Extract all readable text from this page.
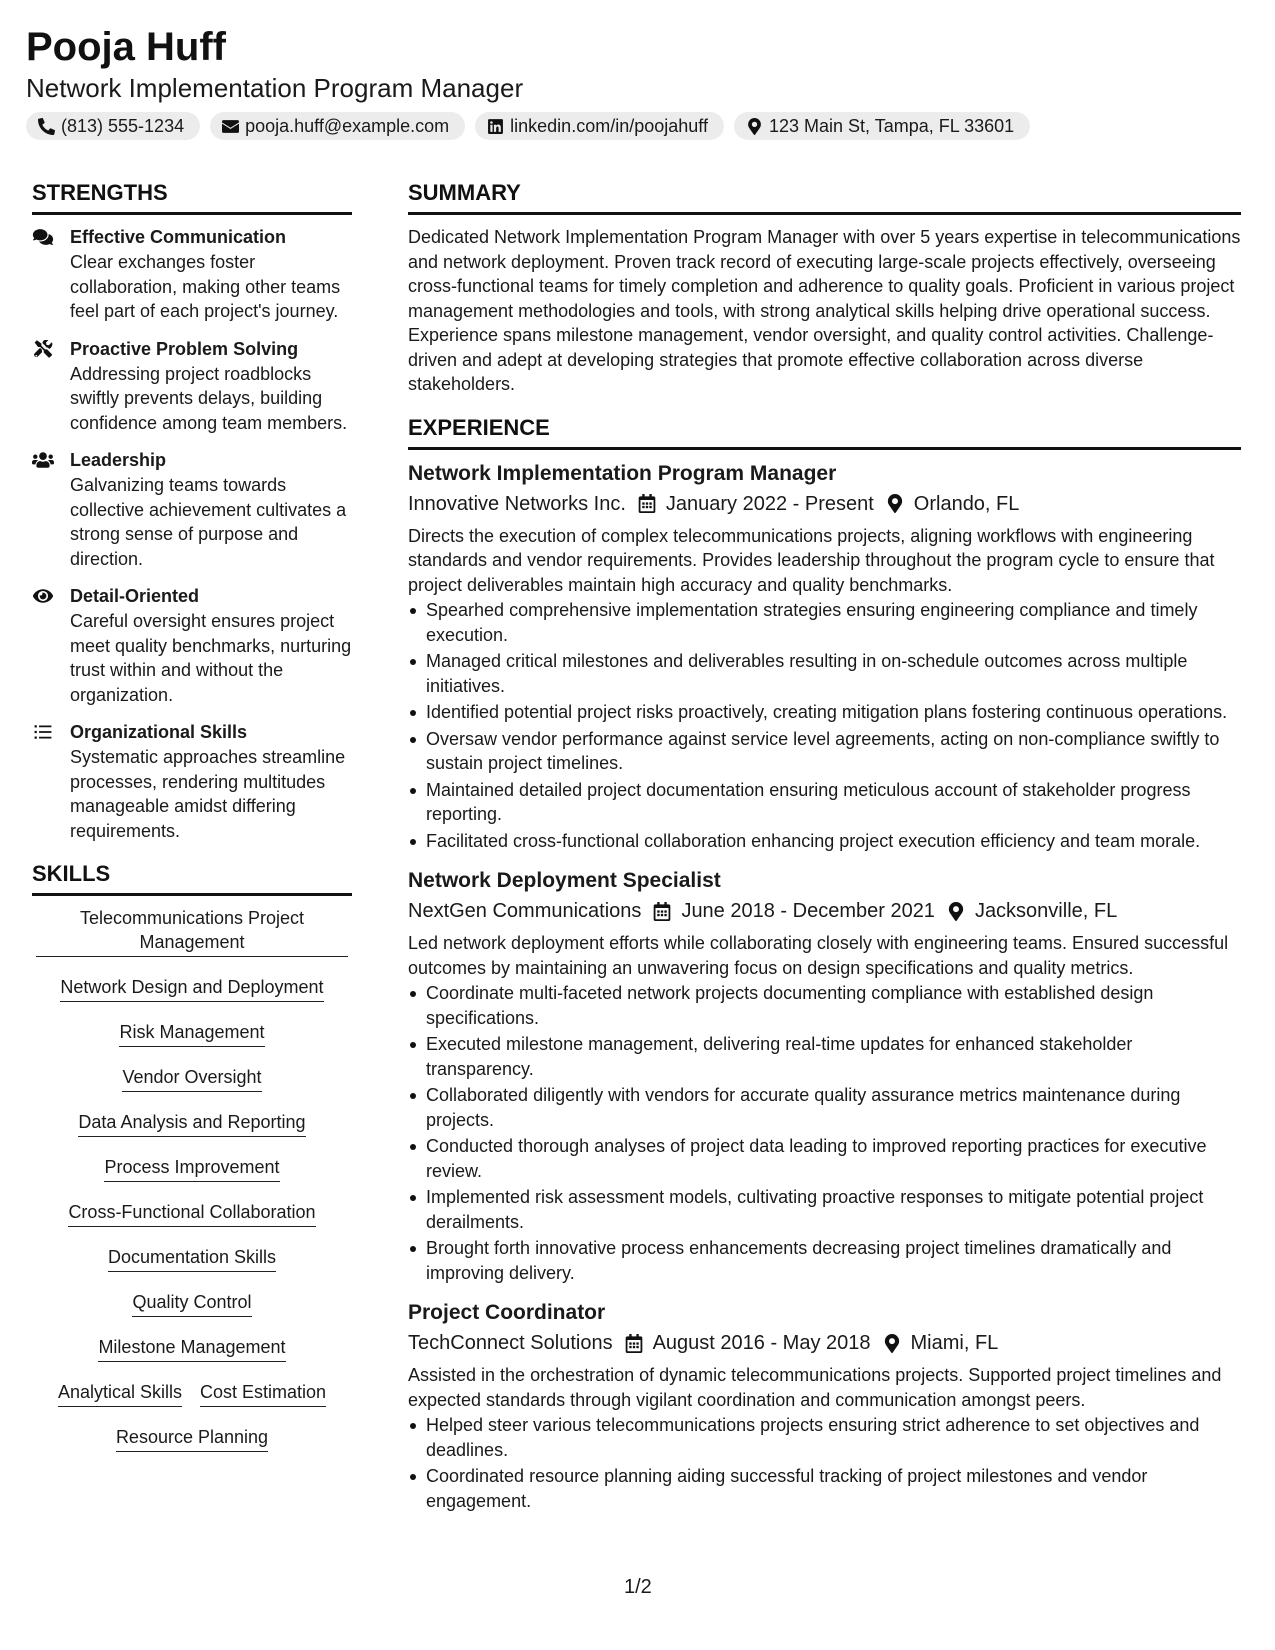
Pooja Huff
Network Implementation Program Manager
(813) 555-1234	pooja.huff@example.com	linkedin.com/in/poojahuff	123 Main St, Tampa, FL 33601
STRENGTHS
Effective Communication
Clear exchanges foster collaboration, making other teams feel part of each project's journey.
Proactive Problem Solving
Addressing project roadblocks swiftly prevents delays, building confidence among team members.
Leadership
Galvanizing teams towards collective achievement cultivates a strong sense of purpose and direction.
Detail-Oriented
Careful oversight ensures project meet quality benchmarks, nurturing trust within and without the organization.
Organizational Skills
Systematic approaches streamline processes, rendering multitudes manageable amidst differing requirements.
SKILLS
Telecommunications Project Management
Network Design and Deployment
Risk Management
Vendor Oversight
Data Analysis and Reporting
Process Improvement
Cross-Functional Collaboration
Documentation Skills
Quality Control
Milestone Management
Analytical Skills Cost Estimation
Resource Planning
SUMMARY
Dedicated Network Implementation Program Manager with over 5 years expertise in telecommunications and network deployment. Proven track record of executing large-scale projects effectively, overseeing cross-functional teams for timely completion and adherence to quality goals. Proficient in various project management methodologies and tools, with strong analytical skills helping drive operational success. Experience spans milestone management, vendor oversight, and quality control activities. Challenge-driven and adept at developing strategies that promote effective collaboration across diverse stakeholders.
EXPERIENCE
Network Implementation Program Manager
Innovative Networks Inc. January 2022 - Present Orlando, FL
Directs the execution of complex telecommunications projects, aligning workflows with engineering standards and vendor requirements. Provides leadership throughout the program cycle to ensure that project deliverables maintain high accuracy and quality benchmarks.
Spearhed comprehensive implementation strategies ensuring engineering compliance and timely execution.
Managed critical milestones and deliverables resulting in on-schedule outcomes across multiple initiatives.
Identified potential project risks proactively, creating mitigation plans fostering continuous operations.
Oversaw vendor performance against service level agreements, acting on non-compliance swiftly to sustain project timelines.
Maintained detailed project documentation ensuring meticulous account of stakeholder progress reporting.
Facilitated cross-functional collaboration enhancing project execution efficiency and team morale.
Network Deployment Specialist
NextGen Communications June 2018 - December 2021 Jacksonville, FL
Led network deployment efforts while collaborating closely with engineering teams. Ensured successful outcomes by maintaining an unwavering focus on design specifications and quality metrics.
Coordinate multi-faceted network projects documenting compliance with established design specifications.
Executed milestone management, delivering real-time updates for enhanced stakeholder transparency.
Collaborated diligently with vendors for accurate quality assurance metrics maintenance during projects.
Conducted thorough analyses of project data leading to improved reporting practices for executive review.
Implemented risk assessment models, cultivating proactive responses to mitigate potential project derailments.
Brought forth innovative process enhancements decreasing project timelines dramatically and improving delivery.
Project Coordinator
TechConnect Solutions August 2016 - May 2018 Miami, FL
Assisted in the orchestration of dynamic telecommunications projects. Supported project timelines and expected standards through vigilant coordination and communication amongst peers.
Helped steer various telecommunications projects ensuring strict adherence to set objectives and deadlines.
Coordinated resource planning aiding successful tracking of project milestones and vendor engagement.
1/2
